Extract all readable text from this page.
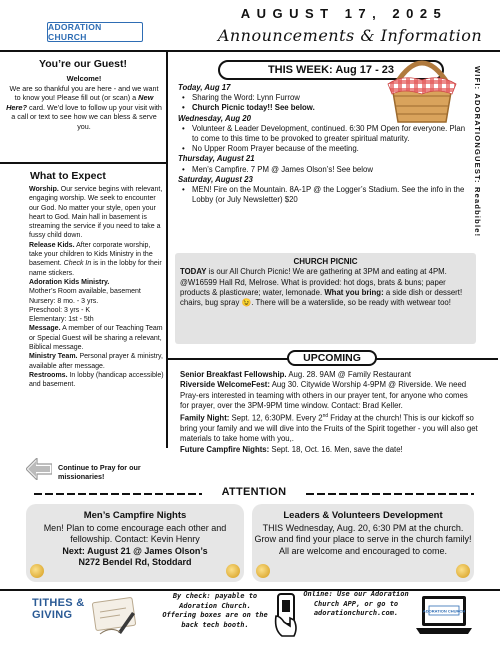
ADORATION CHURCH
AUGUST 17, 2025
Announcements & Information
You’re our Guest!
Welcome!
We are so thankful you are here - and we want to know you! Please fill out (or scan) a New Here? card. We’d love to follow up your visit with a call or text to see how we can bless & serve you.
What to Expect
Worship. Our service begins with relevant, engaging worship. We seek to encounter our God. No matter your style, open your heart to God. Main hall in basement is streaming the service if you need to take a fussy child down.
Release Kids. After corporate worship, take your children to Kids Ministry in the basement. Check In is in the lobby for their name stickers.
Adoration Kids Ministry.
Mother’s Room available, basement
Nursery: 8 mo. - 3 yrs.
Preschool: 3 yrs - K
Elementary: 1st - 5th
Message. A member of our Teaching Team or Special Guest will be sharing a relevant, Biblical message.
Ministry Team. Personal prayer & ministry, available after message.
Restrooms. In lobby (handicap accessible) and basement.
Continue to Pray for our missionaries!
THIS WEEK: Aug 17 - 23	WIFI: ADORATIONGUEST: Readbible!
Today, Aug 17
• Sharing the Word: Lynn Furrow
• Church Picnic today!! See below.
Wednesday, Aug 20
• Volunteer & Leader Development, continued. 6:30 PM Open for everyone. Plan to come to this time to be provoked to greater spiritual maturity.
• No Upper Room Prayer because of the meeting.
Thursday, August 21
• Men’s Campfire. 7 PM @ James Olson’s! See below
Saturday, August 23
• MEN! Fire on the Mountain. 8A-1P @ the Logger’s Stadium. See the info in the Lobby (or July Newsletter) $20
CHURCH PICNIC
TODAY is our All Church Picnic! We are gathering at 3PM and eating at 4PM. @W16599 Hall Rd, Melrose. What is provided: hot dogs, brats & buns; paper products & plasticware; water, lemonade. What you bring: a side dish or dessert! chairs, bug spray 😉. There will be a waterslide, so be ready with wetwear too!
UPCOMING
Senior Breakfast Fellowship. Aug. 28. 9AM @ Family Restaurant
Riverside WelcomeFest: Aug 30. Citywide Worship 4-9PM @ Riverside. We need Pray-ers interested in teaming with others in our prayer tent, for anyone who comes for prayer, over the 3PM-9PM time window. Contact: Brad Keller.
Family Night: Sept. 12, 6:30PM. Every 2nd Friday at the church! This is our kickoff so bring your family and we will dive into the Fruits of the Spirit together - you will also get materials to take home with you,.
Future Campfire Nights: Sept. 18, Oct. 16. Men, save the date!
ATTENTION
Men’s Campfire Nights
Men! Plan to come encourage each other and fellowship. Contact: Kevin Henry
Next: August 21 @ James Olson’s
N272 Bendel Rd, Stoddard
Leaders & Volunteers Development
THIS Wednesday, Aug. 20, 6:30 PM at the church. Grow and find your place to serve in the church family! All are welcome and encouraged to come.
TITHES &
GIVING
By check: payable to Adoration Church. Offering boxes are on the back tech booth.
Online: Use our Adoration Church APP, or go to adorationchurch.com.	ADORATION CHURCH
